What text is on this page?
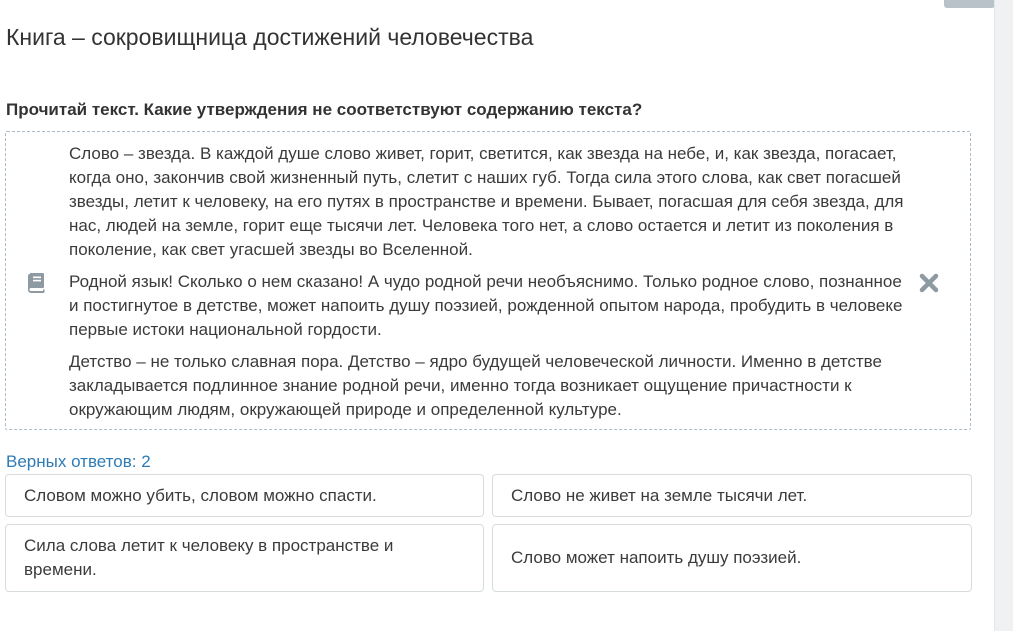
Книга – сокровищница достижений человечества
Прочитай текст. Какие утверждения не соответствуют содержанию текста?

Слово – звезда. В каждой душе слово живет, горит, светится, как звезда на небе, и, как звезда, погасает, когда оно, закончив свой жизненный путь, слетит с наших губ. Тогда сила этого слова, как свет погасшей звезды, летит к человеку, на его путях в пространстве и времени. Бывает, погасшая для себя звезда, для нас, людей на земле, горит еще тысячи лет. Человека того нет, а слово остается и летит из поколения в поколение, как свет угасшей звезды во Вселенной.

Родной язык! Сколько о нем сказано! А чудо родной речи необъяснимо. Только родное слово, познанное и постигнутое в детстве, может напоить душу поэзией, рожденной опытом народа, пробудить в человеке первые истоки национальной гордости.

Детство – не только славная пора. Детство – ядро будущей человеческой личности. Именно в детстве закладывается подлинное знание родной речи, именно тогда возникает ощущение причастности к окружающим людям, окружающей природе и определенной культуре.

Верных ответов: 2
Словом можно убить, словом можно спасти.	Слово не живет на земле тысячи лет.
Сила слова летит к человеку в пространстве и времени.
Слово может напоить душу поэзией.
